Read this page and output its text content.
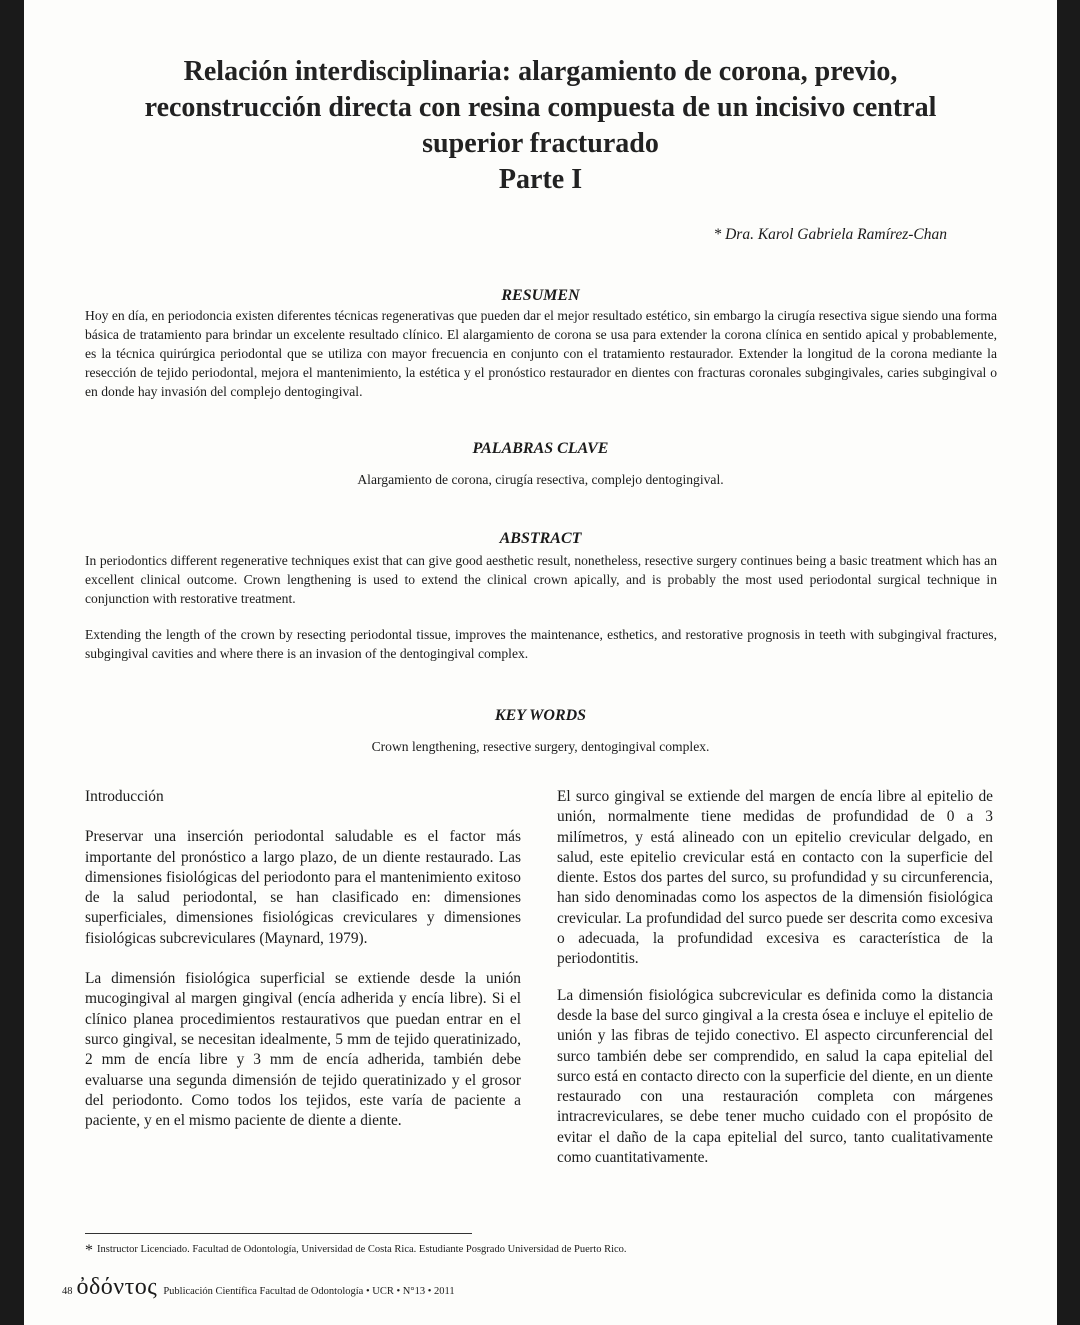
Relación interdisciplinaria: alargamiento de corona, previo,
reconstrucción directa con resina compuesta de un incisivo central
superior fracturado
Parte I
* Dra. Karol Gabriela Ramírez-Chan
RESUMEN
Hoy en día, en periodoncia existen diferentes técnicas regenerativas que pueden dar el mejor resultado estético, sin embargo la cirugía resectiva sigue siendo una forma básica de tratamiento para brindar un excelente resultado clínico. El alargamiento de corona se usa para extender la corona clínica en sentido apical y probablemente, es la técnica quirúrgica periodontal que se utiliza con mayor frecuencia en conjunto con el tratamiento restaurador. Extender la longitud de la corona mediante la resección de tejido periodontal, mejora el mantenimiento, la estética y el pronóstico restaurador en dientes con fracturas coronales subgingivales, caries subgingival o en donde hay invasión del complejo dentogingival.
PALABRAS CLAVE
Alargamiento de corona, cirugía resectiva, complejo dentogingival.
ABSTRACT
In periodontics different regenerative techniques exist that can give good aesthetic result, nonetheless, resective surgery continues being a basic treatment which has an excellent clinical outcome. Crown lengthening is used to extend the clinical crown apically, and is probably the most used periodontal surgical technique in conjunction with restorative treatment.
Extending the length of the crown by resecting periodontal tissue, improves the maintenance, esthetics, and restorative prognosis in teeth with subgingival fractures, subgingival cavities and where there is an invasion of the dentogingival complex.
KEY WORDS
Crown lengthening, resective surgery, dentogingival complex.

Introducción

Preservar una inserción periodontal saludable es el factor más importante del pronóstico a largo plazo, de un diente restaurado. Las dimensiones fisiológicas del periodonto para el mantenimiento exitoso de la salud periodontal, se han clasificado en: dimensiones superficiales, dimensiones fisiológicas creviculares y dimensiones fisiológicas subcreviculares (Maynard, 1979).

La dimensión fisiológica superficial se extiende desde la unión mucogingival al margen gingival (encía adherida y encía libre). Si el clínico planea procedimientos restaurativos que puedan entrar en el surco gingival, se necesitan idealmente, 5 mm de tejido queratinizado, 2 mm de encía libre y 3 mm de encía adherida, también debe evaluarse una segunda dimensión de tejido queratinizado y el grosor del periodonto. Como todos los tejidos, este varía de paciente a paciente, y en el mismo paciente de diente a diente.

El surco gingival se extiende del margen de encía libre al epitelio de unión, normalmente tiene medidas de profundidad de 0 a 3 milímetros, y está alineado con un epitelio crevicular delgado, en salud, este epitelio crevicular está en contacto con la superficie del diente. Estos dos partes del surco, su profundidad y su circunferencia, han sido denominadas como los aspectos de la dimensión fisiológica crevicular. La profundidad del surco puede ser descrita como excesiva o adecuada, la profundidad excesiva es característica de la periodontitis.

La dimensión fisiológica subcrevicular es definida como la distancia desde la base del surco gingival a la cresta ósea e incluye el epitelio de unión y las fibras de tejido conectivo. El aspecto circunferencial del surco también debe ser comprendido, en salud la capa epitelial del surco está en contacto directo con la superficie del diente, en un diente restaurado con una restauración completa con márgenes intracreviculares, se debe tener mucho cuidado con el propósito de evitar el daño de la capa epitelial del surco, tanto cualitativamente como cuantitativamente.

* Instructor Licenciado. Facultad de Odontología, Universidad de Costa Rica. Estudiante Posgrado Universidad de Puerto Rico.
48 ὀδόντος Publicación Científica Facultad de Odontología • UCR • N°13 • 2011
